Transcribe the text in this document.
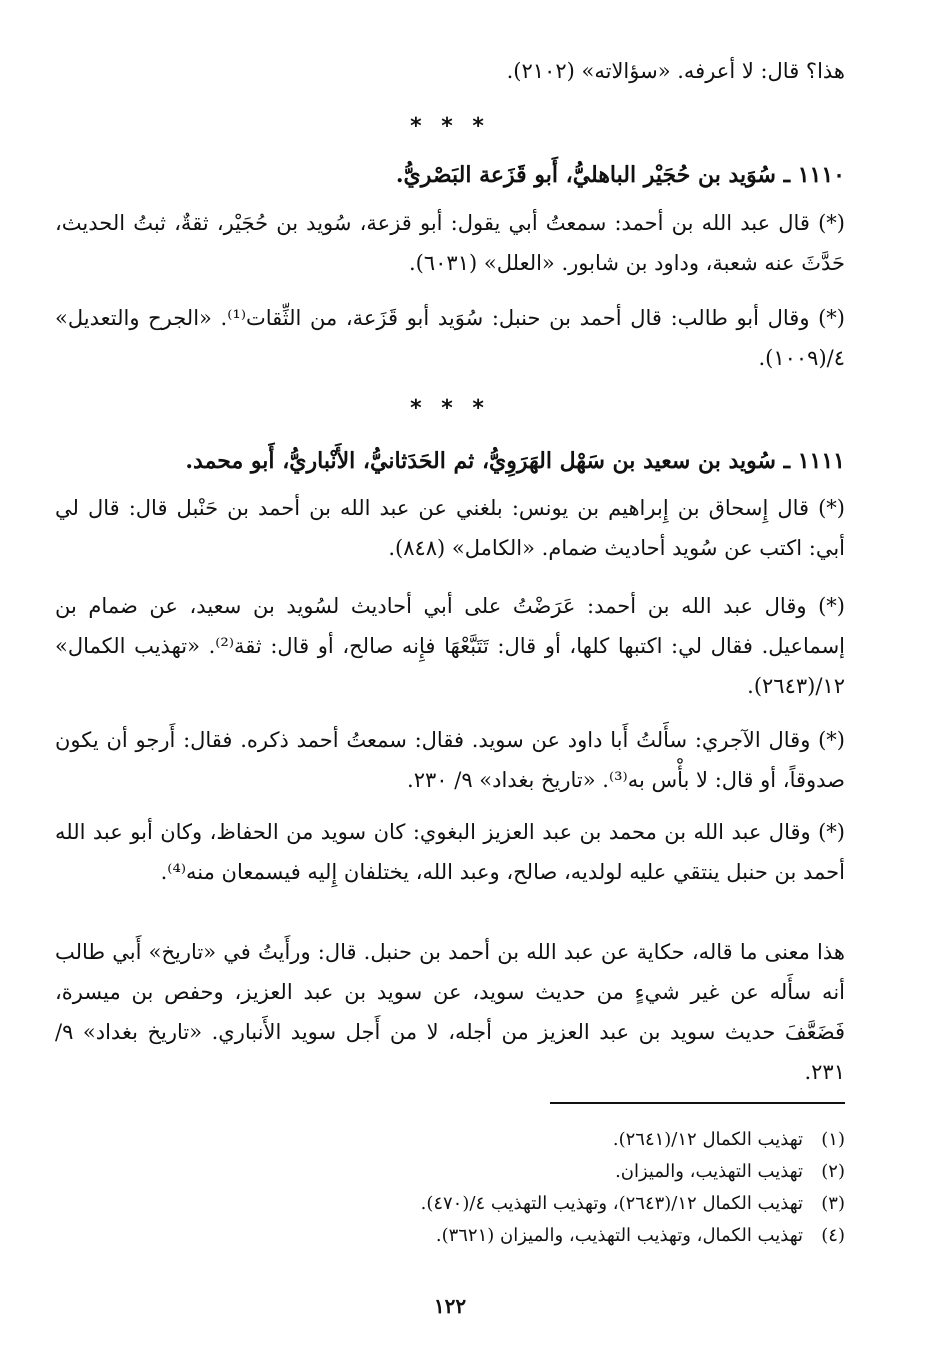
هذا؟ قال: لا أعرفه. «سؤالاته» (٢١٠٢).
* * *
١١١٠ ـ سُوَيد بن حُجَيْر الباهليُّ، أَبو قَزَعة البَصْريُّ.
(*) قال عبد الله بن أحمد: سمعتُ أبي يقول: أبو قزعة، سُويد بن حُجَيْر، ثقةٌ، ثبتُ الحديث، حَدَّثَ عنه شعبة، وداود بن شابور. «العلل» (٦٠٣١).
(*) وقال أبو طالب: قال أحمد بن حنبل: سُوَيد أبو قَزَعة، من الثِّقات⁽¹⁾. «الجرح والتعديل» ٤/(١٠٠٩).
* * *
١١١١ ـ سُويد بن سعيد بن سَهْل الهَرَوِيُّ، ثم الحَدَثانيُّ، الأَنْباريُّ، أَبو محمد.
(*) قال إِسحاق بن إِبراهيم بن يونس: بلغني عن عبد الله بن أحمد بن حَنْبل قال: قال لي أبي: اكتب عن سُويد أحاديث ضمام. «الكامل» (٨٤٨).
(*) وقال عبد الله بن أحمد: عَرَضْتُ على أبي أحاديث لسُويد بن سعيد، عن ضمام بن إسماعيل. فقال لي: اكتبها كلها، أو قال: تَتَبَّعْهَا فإِنه صالح، أو قال: ثقة⁽²⁾. «تهذيب الكمال» ١٢/(٢٦٤٣).
(*) وقال الآجري: سأَلتُ أَبا داود عن سويد. فقال: سمعتُ أحمد ذكره. فقال: أَرجو أن يكون صدوقاً، أو قال: لا بأْس به⁽³⁾. «تاريخ بغداد» ٩/ ٢٣٠.
(*) وقال عبد الله بن محمد بن عبد العزيز البغوي: كان سويد من الحفاظ، وكان أبو عبد الله أحمد بن حنبل ينتقي عليه لولديه، صالح، وعبد الله، يختلفان إِليه فيسمعان منه⁽⁴⁾.
هذا معنى ما قاله، حكاية عن عبد الله بن أحمد بن حنبل. قال: ورأَيتُ في «تاريخ» أَبي طالب أنه سأَله عن غير شيءٍ من حديث سويد، عن سويد بن عبد العزيز، وحفص بن ميسرة، فَضَعَّفَ حديث سويد بن عبد العزيز من أجله، لا من أَجل سويد الأَنباري. «تاريخ بغداد» ٩/ ٢٣١.
(١)تهذيب الكمال ١٢/(٢٦٤١).
(٢)تهذيب التهذيب، والميزان.
(٣)تهذيب الكمال ١٢/(٢٦٤٣)، وتهذيب التهذيب ٤/(٤٧٠).
(٤)تهذيب الكمال، وتهذيب التهذيب، والميزان (٣٦٢١).
١٢٢
